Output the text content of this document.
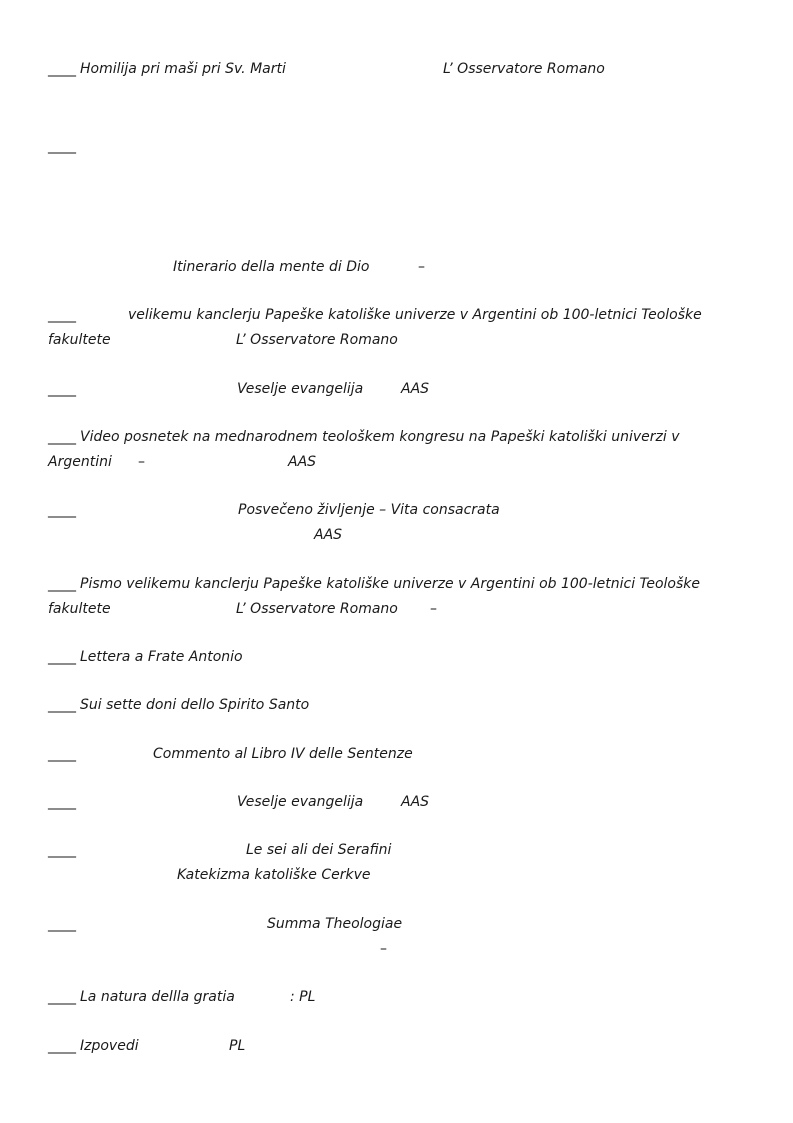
____ Homilija pri maši pri Sv. Marti	L’ Osservatore Romano
____
Itinerario della mente di Dio	–
____	velikemu kanclerju Papeške katoliške univerze v Argentini ob 100-letnici Teološke
fakultete	L’ Osservatore Romano
____	Veselje evangelija	AAS
____ Video posnetek na mednarodnem teološkem kongresu na Papeški katoliški univerzi v
Argentini –	AAS
____	Posvečeno življenje – Vita consacrata
AAS
____ Pismo velikemu kanclerju Papeške katoliške univerze v Argentini ob 100-letnici Teološke
fakultete	L’ Osservatore Romano –
____ Lettera a Frate Antonio
____ Sui sette doni dello Spirito Santo
____	Commento al Libro IV delle Sentenze
____	Veselje evangelija	AAS
____	Le sei ali dei Serafini
Katekizma katoliške Cerkve
____	Summa Theologiae
–
____ La natura dellla gratia	: PL
____ Izpovedi	PL
